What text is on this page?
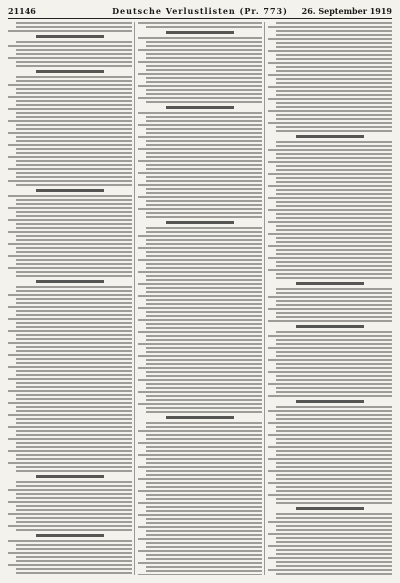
21146	Deutsche Verlustlisten (Pr. 773)	26. September 1919
